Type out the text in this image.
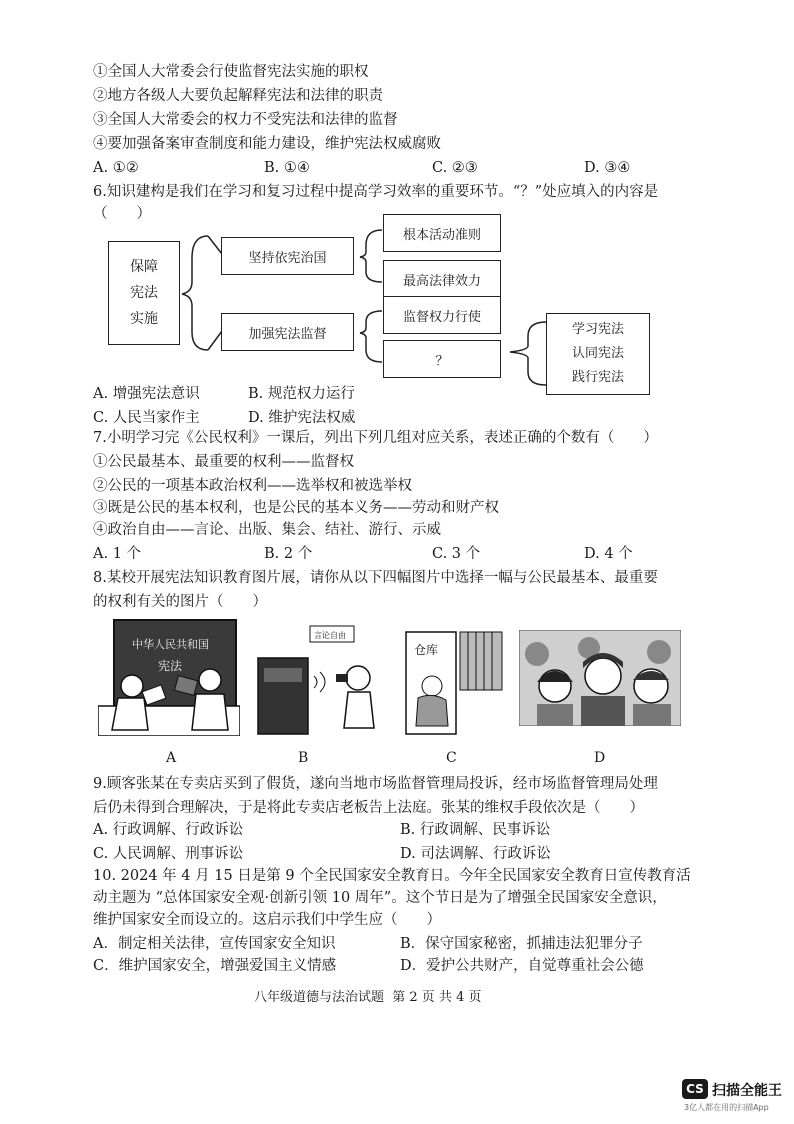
①全国人大常委会行使监督宪法实施的职权
②地方各级人大要负起解释宪法和法律的职责
③全国人大常委会的权力不受宪法和法律的监督
④要加强备案审查制度和能力建设，维护宪法权威腐败
A. ①②	B. ①④	C. ②③	D. ③④
6.知识建构是我们在学习和复习过程中提高学习效率的重要环节。“？”处应填入的内容是
（　　）
保障
宪法
实施
坚持依宪治国
加强宪法监督
根本活动准则
最高法律效力
监督权力行使
？
学习宪法
认同宪法
践行宪法
A. 增强宪法意识	B. 规范权力运行
C. 人民当家作主	D. 维护宪法权威
7.小明学习完《公民权利》一课后，列出下列几组对应关系，表述正确的个数有（　　）
①公民最基本、最重要的权利——监督权
②公民的一项基本政治权利——选举权和被选举权
③既是公民的基本权利，也是公民的基本义务——劳动和财产权
④政治自由——言论、出版、集会、结社、游行、示威
A. 1 个	B. 2 个	C. 3 个	D. 4 个
8.某校开展宪法知识教育图片展，请你从以下四幅图片中选择一幅与公民最基本、最重要
的权利有关的图片（　　）
中华人民共和国
宪法
A
言论自由
B
仓库
C	D
9.顾客张某在专卖店买到了假货，遂向当地市场监督管理局投诉，经市场监督管理局处理
后仍未得到合理解决，于是将此专卖店老板告上法庭。张某的维权手段依次是（　　）
A. 行政调解、行政诉讼	B. 行政调解、民事诉讼
C. 人民调解、刑事诉讼	D. 司法调解、行政诉讼
10. 2024 年 4 月 15 日是第 9 个全民国家安全教育日。今年全民国家安全教育日宣传教育活
动主题为 “总体国家安全观·创新引领 10 周年”。这个节日是为了增强全民国家安全意识，
维护国家安全而设立的。这启示我们中学生应（　　）
A．制定相关法律，宣传国家安全知识	B．保守国家秘密，抓捕违法犯罪分子
C．维护国家安全，增强爱国主义情感	D．爱护公共财产，自觉尊重社会公德
八年级道德与法治试题  第 2 页 共 4 页
CS 扫描全能王
3亿人都在用的扫描App
